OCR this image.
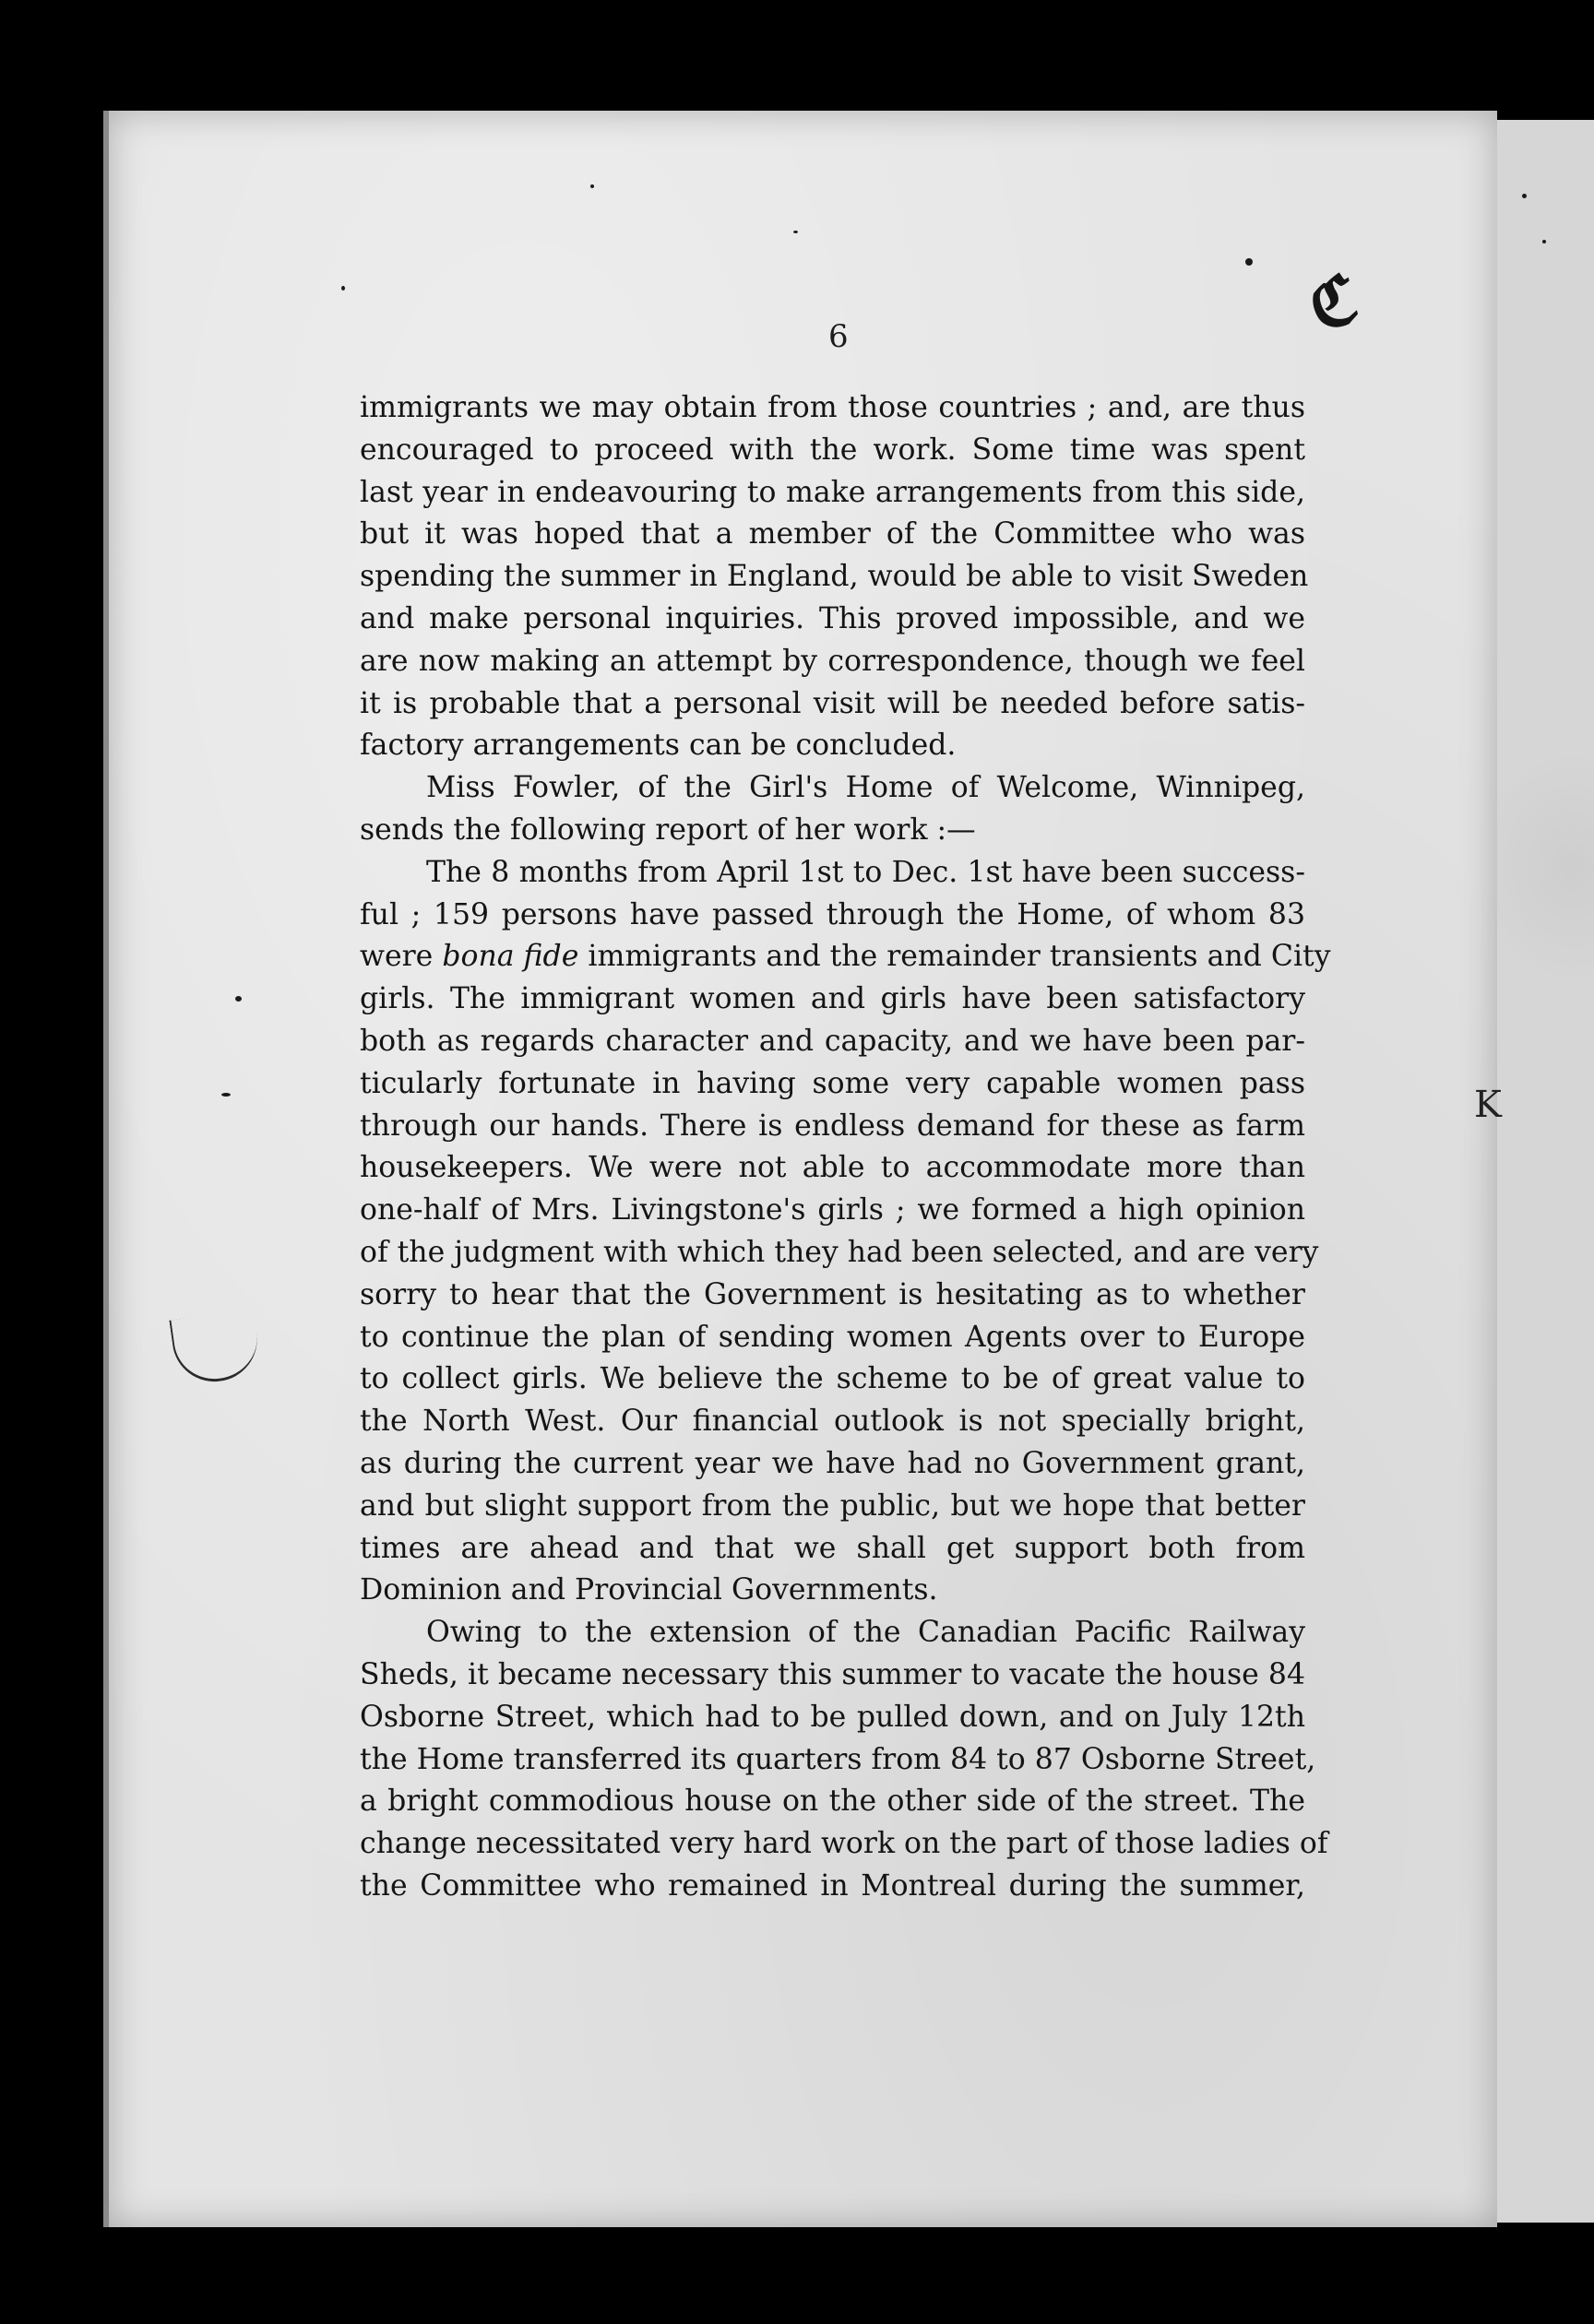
6	ℭ
immigrants we may obtain from those countries ; and, are thus
encouraged to proceed with the work. Some time was spent
last year in endeavouring to make arrangements from this side,
but it was hoped that a member of the Committee who was
spending the summer in England, would be able to visit Sweden
and make personal inquiries. This proved impossible, and we
are now making an attempt by correspondence, though we feel
it is probable that a personal visit will be needed before satis-
factory arrangements can be concluded.
Miss Fowler, of the Girl's Home of Welcome, Winnipeg,
sends the following report of her work :—
The 8 months from April 1st to Dec. 1st have been success-
ful ; 159 persons have passed through the Home, of whom 83
were bona fide immigrants and the remainder transients and City
girls. The immigrant women and girls have been satisfactory
both as regards character and capacity, and we have been par-
ticularly fortunate in having some very capable women pass
through our hands. There is endless demand for these as farm
housekeepers. We were not able to accommodate more than
one-half of Mrs. Livingstone's girls ; we formed a high opinion
of the judgment with which they had been selected, and are very
sorry to hear that the Government is hesitating as to whether
to continue the plan of sending women Agents over to Europe
to collect girls. We believe the scheme to be of great value to
the North West. Our financial outlook is not specially bright,
as during the current year we have had no Government grant,
and but slight support from the public, but we hope that better
times are ahead and that we shall get support both from
Dominion and Provincial Governments.
Owing to the extension of the Canadian Pacific Railway
Sheds, it became necessary this summer to vacate the house 84
Osborne Street, which had to be pulled down, and on July 12th
the Home transferred its quarters from 84 to 87 Osborne Street,
a bright commodious house on the other side of the street. The
change necessitated very hard work on the part of those ladies of
the Committee who remained in Montreal during the summer,
K
